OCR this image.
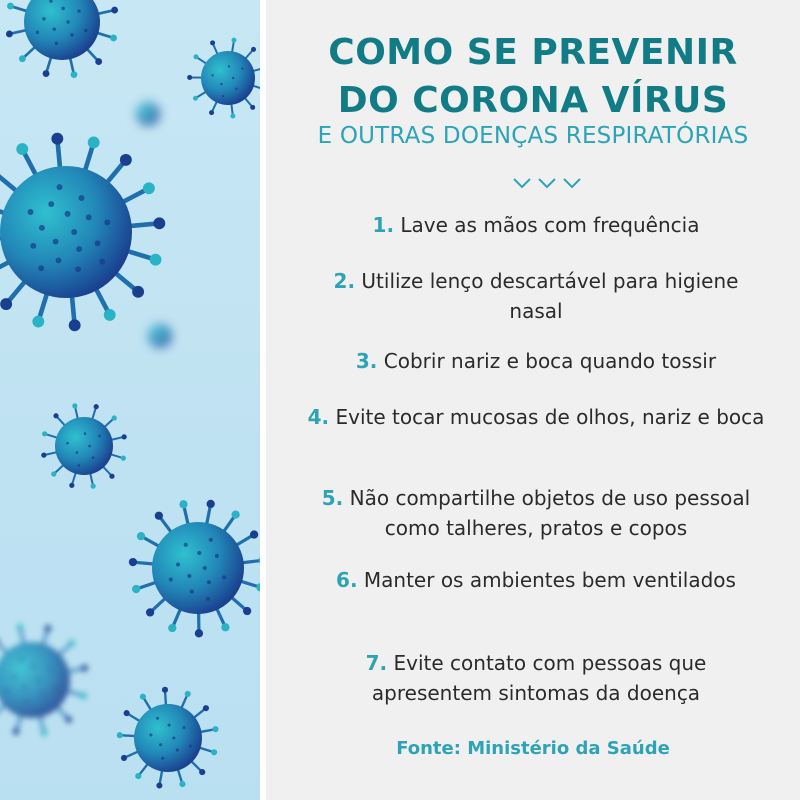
COMO SE PREVENIR
DO CORONA VÍRUS
E OUTRAS DOENÇAS RESPIRATÓRIAS
1. Lave as mãos com frequência
2. Utilize lenço descartável para higiene nasal
3. Cobrir nariz e boca quando tossir
4. Evite tocar mucosas de olhos, nariz e boca
5. Não compartilhe objetos de uso pessoal como talheres, pratos e copos
6. Manter os ambientes bem ventilados
7. Evite contato com pessoas que apresentem sintomas da doença
Fonte: Ministério da Saúde
